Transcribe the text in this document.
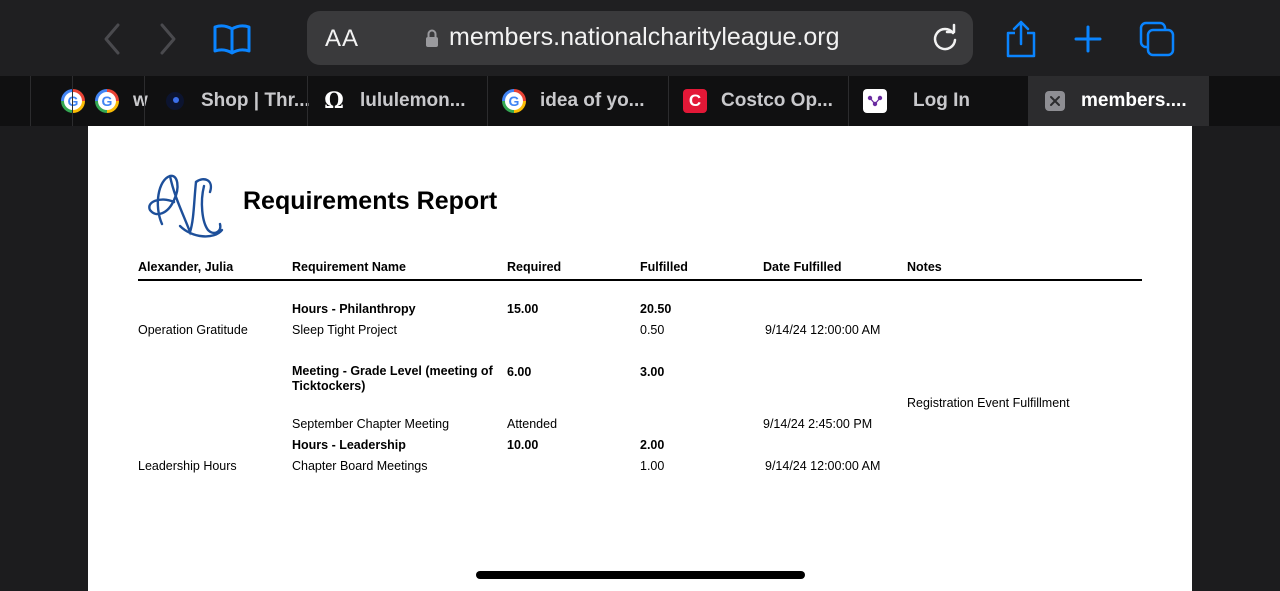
AA	members.nationalcharityleague.org
G
G
w	Shop | Thr... Ω lululemon...
G	idea of yo...	C	Costco Op...	Log In	members....
Requirements Report
Alexander, Julia	Requirement Name	Required	Fulfilled	Date Fulfilled	Notes
Hours - Philanthropy	15.00	20.50
Operation Gratitude	Sleep Tight Project	0.50	9/14/24 12:00:00 AM
Meeting - Grade Level (meeting of Ticktockers)
6.00	3.00
Registration Event Fulfillment
September Chapter Meeting	Attended	9/14/24 2:45:00 PM
Hours - Leadership	10.00	2.00
Leadership Hours	Chapter Board Meetings	1.00	9/14/24 12:00:00 AM
